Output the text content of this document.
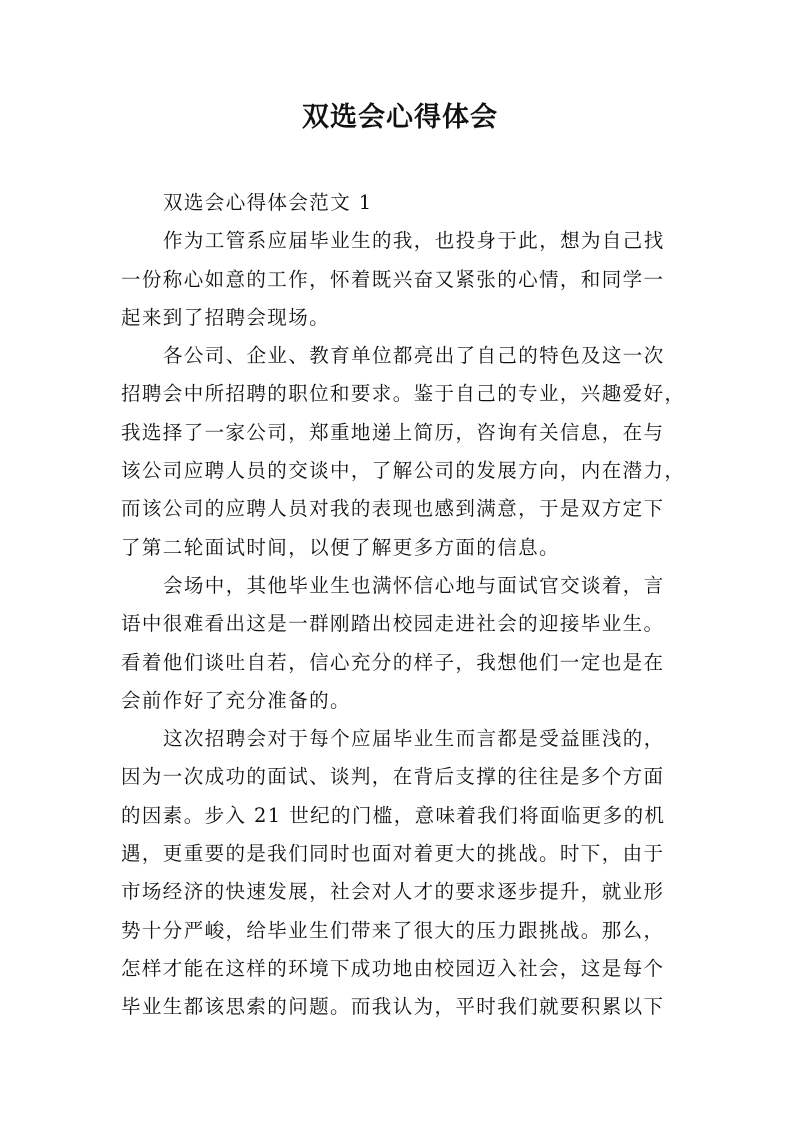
双选会心得体会
双选会心得体会范文 1
作为工管系应届毕业生的我，也投身于此，想为自己找
一份称心如意的工作，怀着既兴奋又紧张的心情，和同学一
起来到了招聘会现场。
各公司、企业、教育单位都亮出了自己的特色及这一次
招聘会中所招聘的职位和要求。鉴于自己的专业，兴趣爱好，
我选择了一家公司，郑重地递上简历，咨询有关信息，在与
该公司应聘人员的交谈中，了解公司的发展方向，内在潜力，
而该公司的应聘人员对我的表现也感到满意，于是双方定下
了第二轮面试时间，以便了解更多方面的信息。
会场中，其他毕业生也满怀信心地与面试官交谈着，言
语中很难看出这是一群刚踏出校园走进社会的迎接毕业生。
看着他们谈吐自若，信心充分的样子，我想他们一定也是在
会前作好了充分准备的。
这次招聘会对于每个应届毕业生而言都是受益匪浅的，
因为一次成功的面试、谈判，在背后支撑的往往是多个方面
的因素。步入 21 世纪的门槛，意味着我们将面临更多的机
遇，更重要的是我们同时也面对着更大的挑战。时下，由于
市场经济的快速发展，社会对人才的要求逐步提升，就业形
势十分严峻，给毕业生们带来了很大的压力跟挑战。那么，
怎样才能在这样的环境下成功地由校园迈入社会，这是每个
毕业生都该思索的问题。而我认为，平时我们就要积累以下
